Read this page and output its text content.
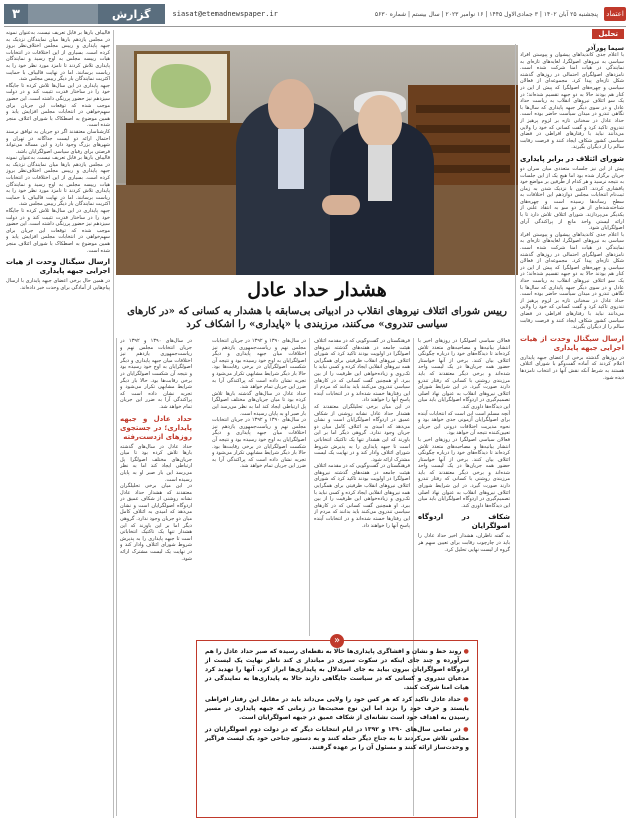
۳	گزارش	siasat@etemadnewspaper.ir	پنجشنبه ۲۵ آبان ۱۴۰۲ | ۳ جمادی‌الاول ۱۴۴۵ | ۱۶ نوامبر ۲۰۲۳ | سال بیستم | شماره ۵۶۳۰	اعتماد
تحلیل
سیما پورآذر
هشدار حداد عادل
رییس شورای ائتلاف نیروهای انقلاب در ادبیاتی بی‌سابقه با هشدار به کسانی که «در کارهای سیاسی تندروی» می‌کنند، مرزبندی با «پایداری» را اشکاف کرد
با اعلام جدی کاندیداهای پیشوان و پیوستن افراد سیاسی به نیروهای اصولگرا، لغایه‌های تازه‌ای به نمایندگی در هیات امنا شرکت شده است. نامزدهای اصولگرای احتمالی در روزهای گذشته شکل تازه‌ای پیدا کرد. مجموعه‌ای از فعالان سیاسی و چهره‌های اصولگرا که پیش از این در کنار هم بودند حالا به دو جبهه تقسیم شده‌اند؛ در یک سو ائتلاف نیروهای انقلاب به ریاست حداد عادل و در سوی دیگر جبهه پایداری که سال‌ها با نگاهی تندرو در میدان سیاست حاضر بوده است. حداد عادل در سخنانی تازه بر لزوم پرهیز از تندروی تاکید کرد و گفت کسانی که خود را ولایی می‌دانند نباید با رفتارهای افراطی در فضای سیاسی کشور شکاف ایجاد کنند و فرصت رقابت سالم را از دیگران بگیرند.
شورای ائتلاف در برابر پایداری
پیش از این نیز جلسات متعددی میان سران دو جریان برگزار شده بود اما هیچ یک از این جلسات به نتیجه نرسید و هر کدام از طرفین بر مواضع خود پافشاری کردند. اکنون با نزدیک شدن به زمان ثبت‌نام انتخابات مجلس دوازدهم این اختلافات به سطح رسانه‌ها رسیده است و چهره‌های شناخته‌شده‌ای از هر دو سو به انتقاد علنی از یکدیگر می‌پردازند. شورای ائتلاف تلاش دارد تا با ارائه لیستی واحد مانع از پراکندگی آرای اصولگرایان شود.
با اعلام جدی کاندیداهای پیشوان و پیوستن افراد سیاسی به نیروهای اصولگرا، لغایه‌های تازه‌ای به نمایندگی در هیات امنا شرکت شده است. نامزدهای اصولگرای احتمالی در روزهای گذشته شکل تازه‌ای پیدا کرد. مجموعه‌ای از فعالان سیاسی و چهره‌های اصولگرا که پیش از این در کنار هم بودند حالا به دو جبهه تقسیم شده‌اند؛ در یک سو ائتلاف نیروهای انقلاب به ریاست حداد عادل و در سوی دیگر جبهه پایداری که سال‌ها با نگاهی تندرو در میدان سیاست حاضر بوده است. حداد عادل در سخنانی تازه بر لزوم پرهیز از تندروی تاکید کرد و گفت کسانی که خود را ولایی می‌دانند نباید با رفتارهای افراطی در فضای سیاسی کشور شکاف ایجاد کنند و فرصت رقابت سالم را از دیگران بگیرند.
ارسال سیگنال وحدت از هیات اجرایی جبهه پایداری
در روزهای گذشته برخی از اعضای جبهه پایداری اعلام کردند که آماده گفت‌وگو با شورای ائتلاف هستند به شرط آنکه نقش آنها در انتخاب نامزدها دیده شود.
قالیباف بارها بر قابل تعریف نیست. به‌عنوان نمونه در مجلس یازدهم بارها میان نمایندگان نزدیک به جبهه پایداری و رییس مجلس اختلاف‌نظر بروز کرده است. بسیاری از این اختلافات در انتخابات هیات رییسه مجلس به اوج رسید و نمایندگان پایداری تلاش کردند تا نامزد مورد نظر خود را به ریاست برسانند. اما در نهایت قالیباف با حمایت اکثریت نمایندگان بار دیگر رییس مجلس شد.
جبهه پایداری در این سال‌ها تلاش کرده تا جایگاه خود را در ساختار قدرت تثبیت کند و در دولت سیزدهم نیز حضور پررنگی داشته است. این حضور موجب شده که توقعات این جریان برای سهم‌خواهی در انتخابات مجلس افزایش یابد و همین موضوع به اصطکاک با شورای ائتلاف منجر شده است.
کارشناسان معتقدند اگر دو جریان به توافق نرسند احتمال ارائه دو لیست جداگانه در تهران و شهرهای بزرگ وجود دارد و این مساله می‌تواند فرصتی برای رقبای سیاسی اصولگرایان باشد.
قالیباف بارها بر قابل تعریف نیست. به‌عنوان نمونه در مجلس یازدهم بارها میان نمایندگان نزدیک به جبهه پایداری و رییس مجلس اختلاف‌نظر بروز کرده است. بسیاری از این اختلافات در انتخابات هیات رییسه مجلس به اوج رسید و نمایندگان پایداری تلاش کردند تا نامزد مورد نظر خود را به ریاست برسانند. اما در نهایت قالیباف با حمایت اکثریت نمایندگان بار دیگر رییس مجلس شد.
جبهه پایداری در این سال‌ها تلاش کرده تا جایگاه خود را در ساختار قدرت تثبیت کند و در دولت سیزدهم نیز حضور پررنگی داشته است. این حضور موجب شده که توقعات این جریان برای سهم‌خواهی در انتخابات مجلس افزایش یابد و همین موضوع به اصطکاک با شورای ائتلاف منجر شده است.
ارسال سیگنال وحدت از هیات اجرایی جبهه پایداری
در همین حال برخی اعضای جبهه پایداری با ارسال پیام‌هایی از آمادگی برای وحدت خبر داده‌اند.
فعالان سیاسی اصولگرا در روزهای اخیر با انتشار بیانیه‌ها و مصاحبه‌های متعدد تلاش کرده‌اند تا دیدگاه‌های خود را درباره چگونگی ائتلاف بیان کنند. برخی از آنها خواستار حضور همه جریان‌ها در یک لیست واحد شده‌اند و برخی دیگر معتقدند که باید مرزبندی روشنی با کسانی که رفتار تندرو دارند صورت گیرد. در این شرایط شورای ائتلاف نیروهای انقلاب به عنوان نهاد اصلی تصمیم‌گیری در اردوگاه اصولگرایان باید میان این دیدگاه‌ها داوری کند.
آنچه مسلم است این است که انتخابات آینده برای اصولگرایان آزمونی جدی خواهد بود و نحوه مدیریت اختلافات درونی این جریان تعیین‌کننده نتیجه آن خواهد بود.
فعالان سیاسی اصولگرا در روزهای اخیر با انتشار بیانیه‌ها و مصاحبه‌های متعدد تلاش کرده‌اند تا دیدگاه‌های خود را درباره چگونگی ائتلاف بیان کنند. برخی از آنها خواستار حضور همه جریان‌ها در یک لیست واحد شده‌اند و برخی دیگر معتقدند که باید مرزبندی روشنی با کسانی که رفتار تندرو دارند صورت گیرد. در این شرایط شورای ائتلاف نیروهای انقلاب به عنوان نهاد اصلی تصمیم‌گیری در اردوگاه اصولگرایان باید میان این دیدگاه‌ها داوری کند.
شکاف در اردوگاه اصولگرایان
به گفته ناظران، هشدار اخیر حداد عادل را باید در چارچوب رقابت برای تعیین سهم هر گروه از لیست نهایی تحلیل کرد.
فرهنگستان در گفت‌وگویی که در مقدمه ائتلاف هیئت جامعه در هفته‌های گذشته نیروهای اصولگرا در اولویت بودند تاکید کرد که شورای ائتلاف نیروهای انقلاب ظرفیتی برای همگرایی همه نیروهای انقلابی ایجاد کرده و کسی نباید با تک‌روی و زیاده‌خواهی این ظرفیت را از بین ببرد. او همچنین گفت کسانی که در کارهای سیاسی تندروی می‌کنند باید بدانند که مردم از این رفتارها خسته شده‌اند و در انتخابات آینده پاسخ آنها را خواهند داد.
در این میان برخی تحلیلگران معتقدند که هشدار حداد عادل نشانه روشنی از شکاف عمیق در اردوگاه اصولگرایان است و نشان می‌دهد که امیدی به ائتلاف کامل میان دو جریان وجود ندارد. گروهی دیگر اما بر این باورند که این هشدار تنها یک تاکتیک انتخاباتی است تا جبهه پایداری را به پذیرش شروط شورای ائتلاف وادار کند و در نهایت یک لیست مشترک ارائه شود.
فرهنگستان در گفت‌وگویی که در مقدمه ائتلاف هیئت جامعه در هفته‌های گذشته نیروهای اصولگرا در اولویت بودند تاکید کرد که شورای ائتلاف نیروهای انقلاب ظرفیتی برای همگرایی همه نیروهای انقلابی ایجاد کرده و کسی نباید با تک‌روی و زیاده‌خواهی این ظرفیت را از بین ببرد. او همچنین گفت کسانی که در کارهای سیاسی تندروی می‌کنند باید بدانند که مردم از این رفتارها خسته شده‌اند و در انتخابات آینده پاسخ آنها را خواهند داد.
در سال‌های ۱۳۹۰ و ۱۳۹۲ در جریان انتخابات مجلس نهم و ریاست‌جمهوری یازدهم نیز اختلافات میان جبهه پایداری و دیگر اصولگرایان به اوج خود رسیده بود و نتیجه آن شکست اصولگرایان در برخی رقابت‌ها بود. حالا بار دیگر شرایط مشابهی تکرار می‌شود و تجربه نشان داده است که پراکندگی آرا به ضرر این جریان تمام خواهد شد.
حداد عادل در سال‌های گذشته بارها تلاش کرده بود تا میان جریان‌های مختلف اصولگرا پل ارتباطی ایجاد کند اما به نظر می‌رسد این بار صبر او به پایان رسیده است.
در سال‌های ۱۳۹۰ و ۱۳۹۲ در جریان انتخابات مجلس نهم و ریاست‌جمهوری یازدهم نیز اختلافات میان جبهه پایداری و دیگر اصولگرایان به اوج خود رسیده بود و نتیجه آن شکست اصولگرایان در برخی رقابت‌ها بود. حالا بار دیگر شرایط مشابهی تکرار می‌شود و تجربه نشان داده است که پراکندگی آرا به ضرر این جریان تمام خواهد شد.
در سال‌های ۱۳۹۰ و ۱۳۹۲ در جریان انتخابات مجلس نهم و ریاست‌جمهوری یازدهم نیز اختلافات میان جبهه پایداری و دیگر اصولگرایان به اوج خود رسیده بود و نتیجه آن شکست اصولگرایان در برخی رقابت‌ها بود. حالا بار دیگر شرایط مشابهی تکرار می‌شود و تجربه نشان داده است که پراکندگی آرا به ضرر این جریان تمام خواهد شد.
حداد عادل و جبهه پایداری؛ در جستجوی روزهای ازدست‌رفته
حداد عادل در سال‌های گذشته بارها تلاش کرده بود تا میان جریان‌های مختلف اصولگرا پل ارتباطی ایجاد کند اما به نظر می‌رسد این بار صبر او به پایان رسیده است.
در این میان برخی تحلیلگران معتقدند که هشدار حداد عادل نشانه روشنی از شکاف عمیق در اردوگاه اصولگرایان است و نشان می‌دهد که امیدی به ائتلاف کامل میان دو جریان وجود ندارد. گروهی دیگر اما بر این باورند که این هشدار تنها یک تاکتیک انتخاباتی است تا جبهه پایداری را به پذیرش شروط شورای ائتلاف وادار کند و در نهایت یک لیست مشترک ارائه شود.
«

● روند خط و نشان و افشاگری پایداری‌ها حالا به نقطه‌ای رسیده که صبر حداد عادل را هم سرآورده و چند جای اینکه در سکوت سیری در میاندار ی کند ناظر نهایت یک لیست از اردوگاه اصولگرایان بیرون بیاید به جای استدلال به پایداری‌ها ابراز کرد. آنها را تهدید کرد مدعیان تندروی و کسانی که در سیاست جایگاهی دارند حالا به پایداری‌ها به نمایندگی در هیات امنا شرکت کنند.

● حداد عادل تاکید کرد که هر کس خود را ولایی می‌داند باید در مقابل این رفتار افراطی بایستد و حرف خود را بزند اما این نوع صحبت‌ها در زمانی که جبهه پایداری در مسیر رسیدن به اهداف خود است نشانه‌ای از شکاف عمیق در جبهه اصولگرایان است.

● در تمامی سال‌های ۱۳۹۰ و ۱۳۹۲ در ایام انتخابات دیگر که در دولت دوم اصولگرایان در مجلس تلاش می‌کردند تا به جناح دیگر حمله کنند و به دستور جناحی خود یک لیست فراگیر و وحدت‌ساز ارائه کنند و مسئول آن را بر عهده گرفتند.
